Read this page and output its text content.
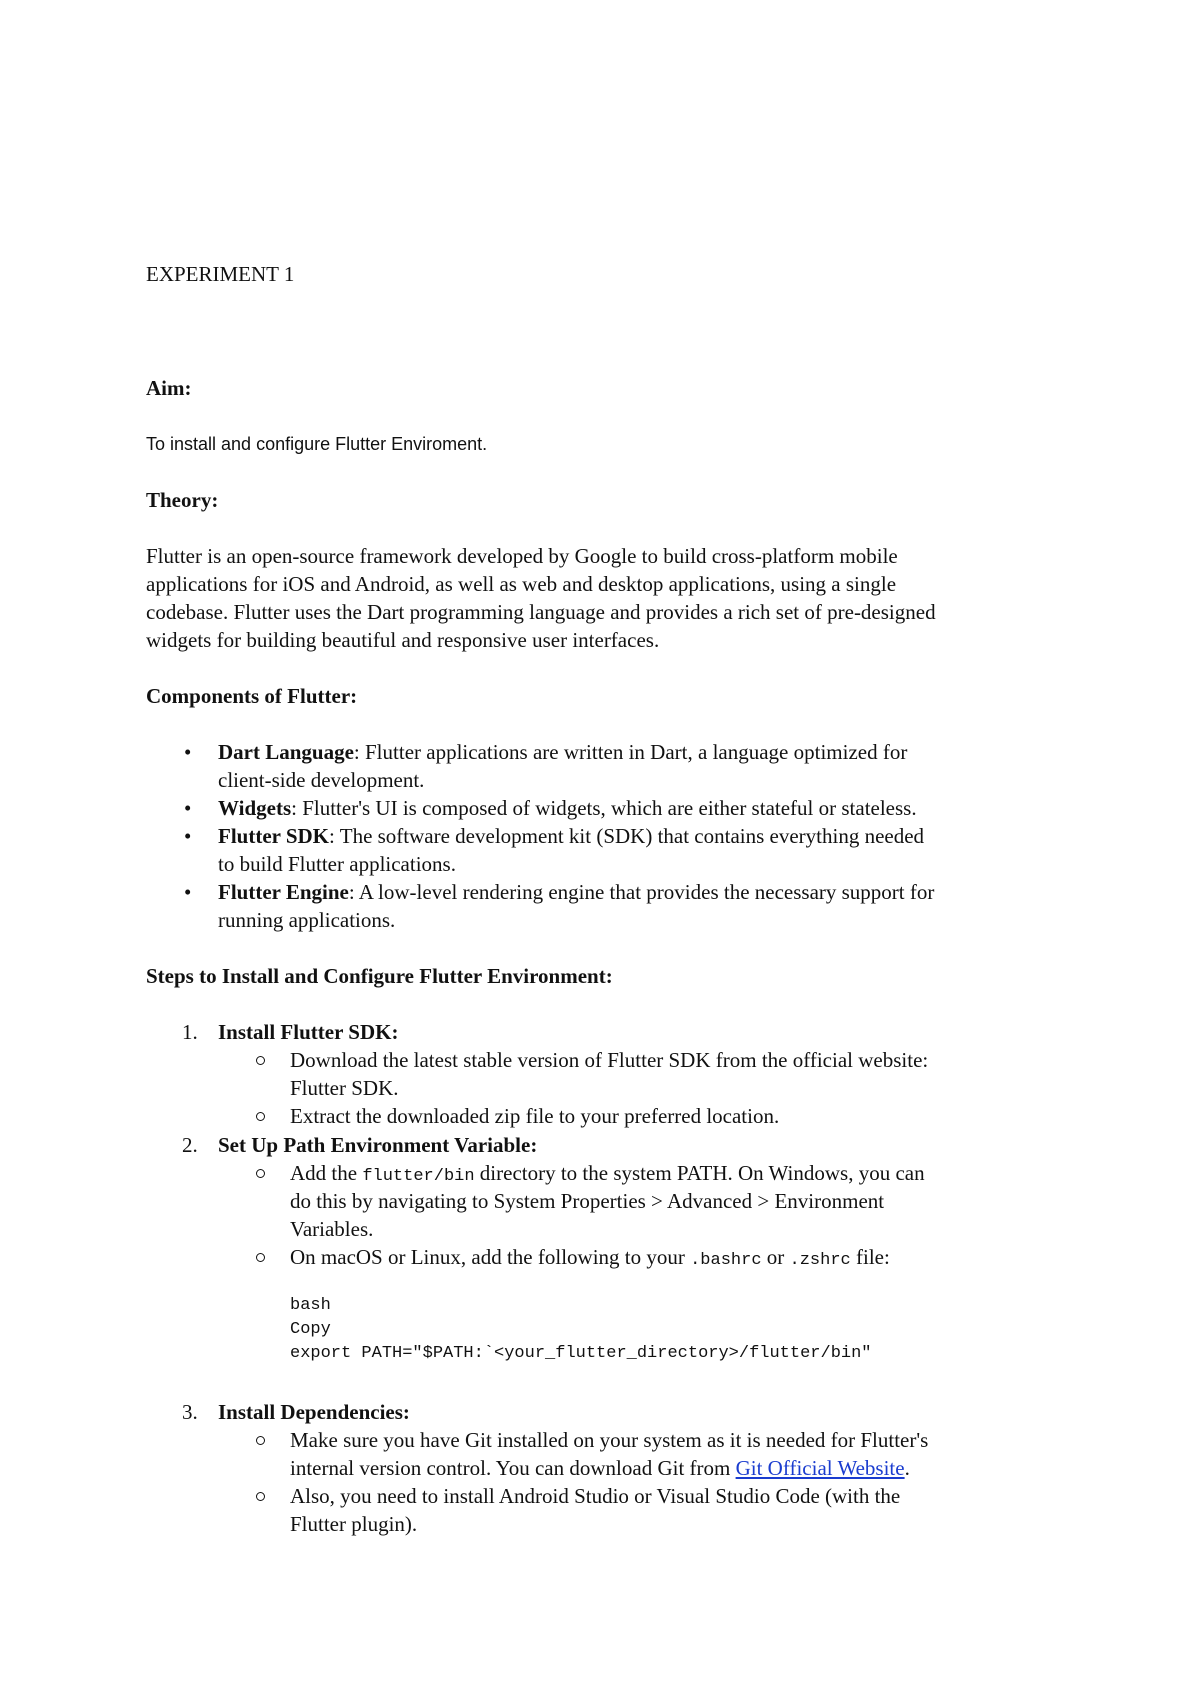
EXPERIMENT 1
Aim:
To install and configure Flutter Enviroment.
Theory:
Flutter is an open-source framework developed by Google to build cross-platform mobile
applications for iOS and Android, as well as web and desktop applications, using a single
codebase. Flutter uses the Dart programming language and provides a rich set of pre-designed
widgets for building beautiful and responsive user interfaces.
Components of Flutter:
• Dart Language: Flutter applications are written in Dart, a language optimized for
client-side development.
• Widgets: Flutter's UI is composed of widgets, which are either stateful or stateless.
• Flutter SDK: The software development kit (SDK) that contains everything needed
to build Flutter applications.
• Flutter Engine: A low-level rendering engine that provides the necessary support for
running applications.
Steps to Install and Configure Flutter Environment:
1. Install Flutter SDK:
Download the latest stable version of Flutter SDK from the official website:
Flutter SDK.
Extract the downloaded zip file to your preferred location.
2. Set Up Path Environment Variable:
Add the flutter/bin directory to the system PATH. On Windows, you can
do this by navigating to System Properties > Advanced > Environment
Variables.
On macOS or Linux, add the following to your .bashrc or .zshrc file:
bash
Copy
export PATH="$PATH:`<your_flutter_directory>/flutter/bin"
3. Install Dependencies:
Make sure you have Git installed on your system as it is needed for Flutter's
internal version control. You can download Git from Git Official Website.
Also, you need to install Android Studio or Visual Studio Code (with the
Flutter plugin).
